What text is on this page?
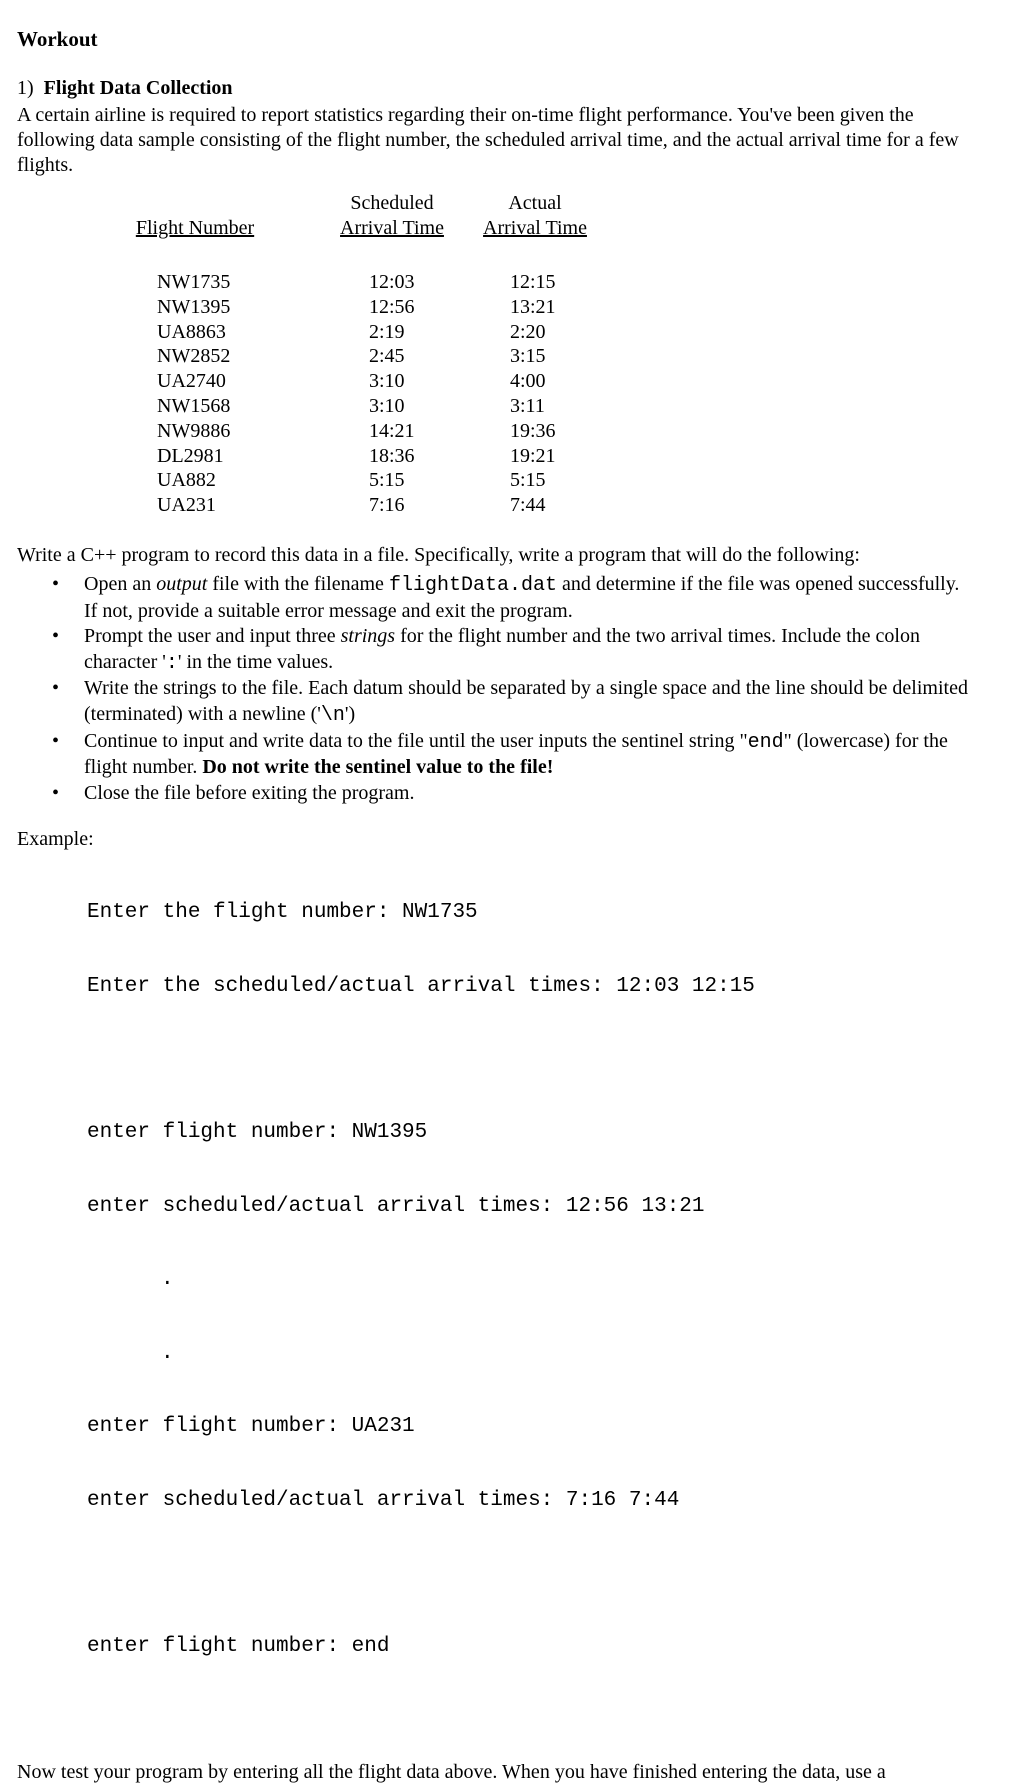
Workout
1) Flight Data Collection

A certain airline is required to report statistics regarding their on-time flight performance. You've been given the following data sample consisting of the flight number, the scheduled arrival time, and the actual arrival time for a few flights.

Flight Number
Scheduled
Arrival Time
Actual
Arrival Time
NW1735
NW1395
UA8863
NW2852
UA2740
NW1568
NW9886
DL2981
UA882
UA231
12:03
12:56
2:19
2:45
3:10
3:10
14:21
18:36
5:15
7:16
12:15
13:21
2:20
3:15
4:00
3:11
19:36
19:21
5:15
7:44

Write a C++ program to record this data in a file. Specifically, write a program that will do the following:

• Open an output file with the filename flightData.dat and determine if the file was opened successfully. If not, provide a suitable error message and exit the program.
• Prompt the user and input three strings for the flight number and the two arrival times. Include the colon character ':' in the time values.
• Write the strings to the file. Each datum should be separated by a single space and the line should be delimited (terminated) with a newline ('\n')
• Continue to input and write data to the file until the user inputs the sentinel string "end" (lowercase) for the flight number. Do not write the sentinel value to the file!
• Close the file before exiting the program.

Example:

Enter the flight number: NW1735

Enter the scheduled/actual arrival times: 12:03 12:15

enter flight number: NW1395

enter scheduled/actual arrival times: 12:56 13:21

.

.

enter flight number: UA231

enter scheduled/actual arrival times: 7:16 7:44

enter flight number: end

Now test your program by entering all the flight data above. When you have finished entering the data, use a
